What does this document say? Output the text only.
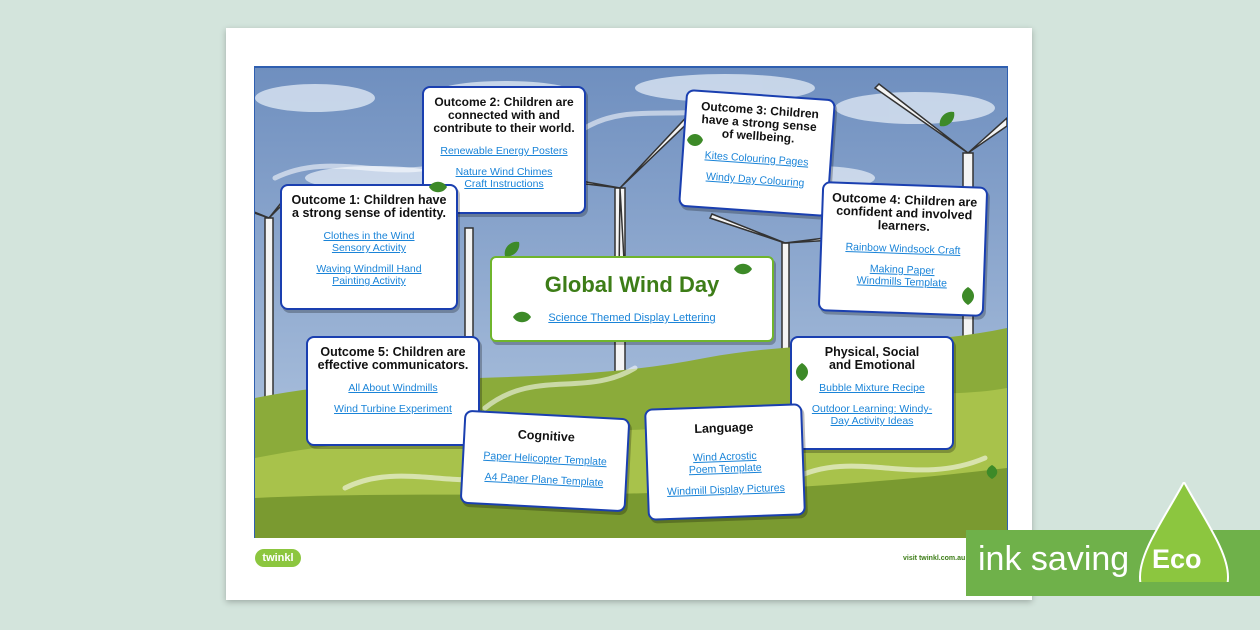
Outcome 2: Children are connected with and contribute to their world.
Renewable Energy Posters
Nature Wind Chimes Craft Instructions
Outcome 3: Children have a strong sense of wellbeing.
Kites Colouring Pages
Windy Day Colouring
Outcome 1: Children have a strong sense of identity.
Clothes in the Wind Sensory Activity
Waving Windmill Hand Painting Activity
Outcome 4: Children are confident and involved learners.
Rainbow Windsock Craft
Making Paper Windmills Template
Global Wind Day
Science Themed Display Lettering
Outcome 5: Children are effective communicators.
All About Windmills
Wind Turbine Experiment
Physical, Social and Emotional
Bubble Mixture Recipe
Outdoor Learning: Windy-Day Activity Ideas
Cognitive
Paper Helicopter Template
A4 Paper Plane Template
Language
Wind Acrostic Poem Template
Windmill Display Pictures
twinkl	visit twinkl.com.au ink saving Eco
